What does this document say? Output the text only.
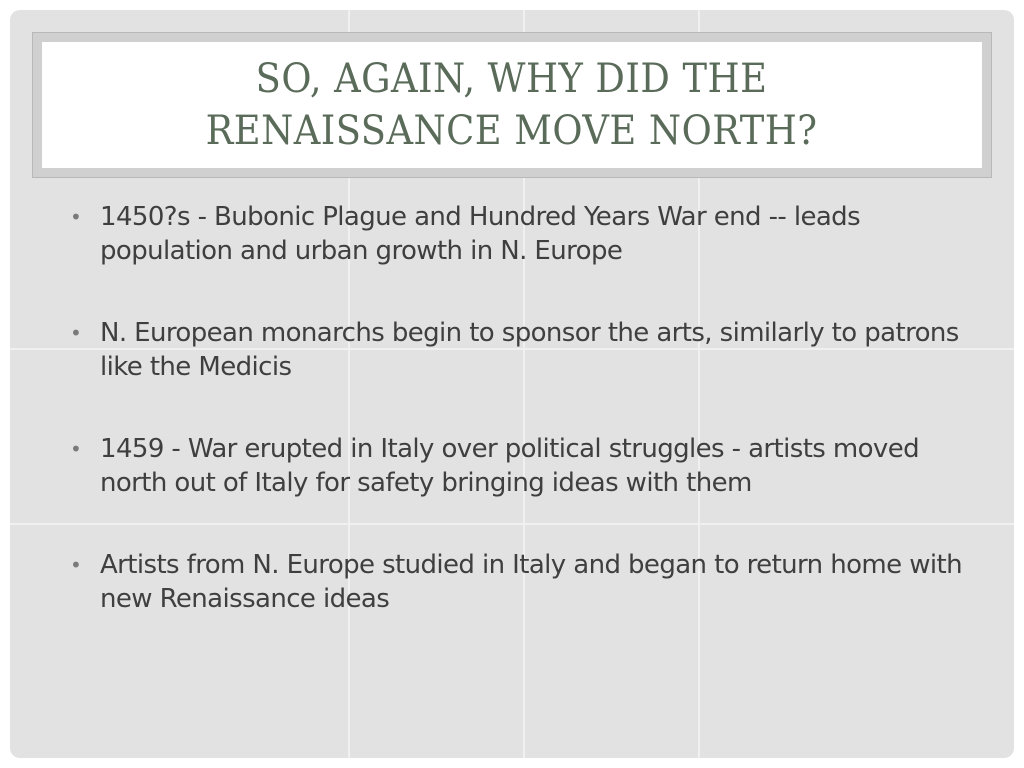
SO, AGAIN, WHY DID THE
RENAISSANCE MOVE NORTH?
• 1450?s - Bubonic Plague and Hundred Years War end -- leads population and urban growth in N. Europe
• N. European monarchs begin to sponsor the arts, similarly to patrons like the Medicis
• 1459 - War erupted in Italy over political struggles - artists moved north out of Italy for safety bringing ideas with them
• Artists from N. Europe studied in Italy and began to return home with new Renaissance ideas
